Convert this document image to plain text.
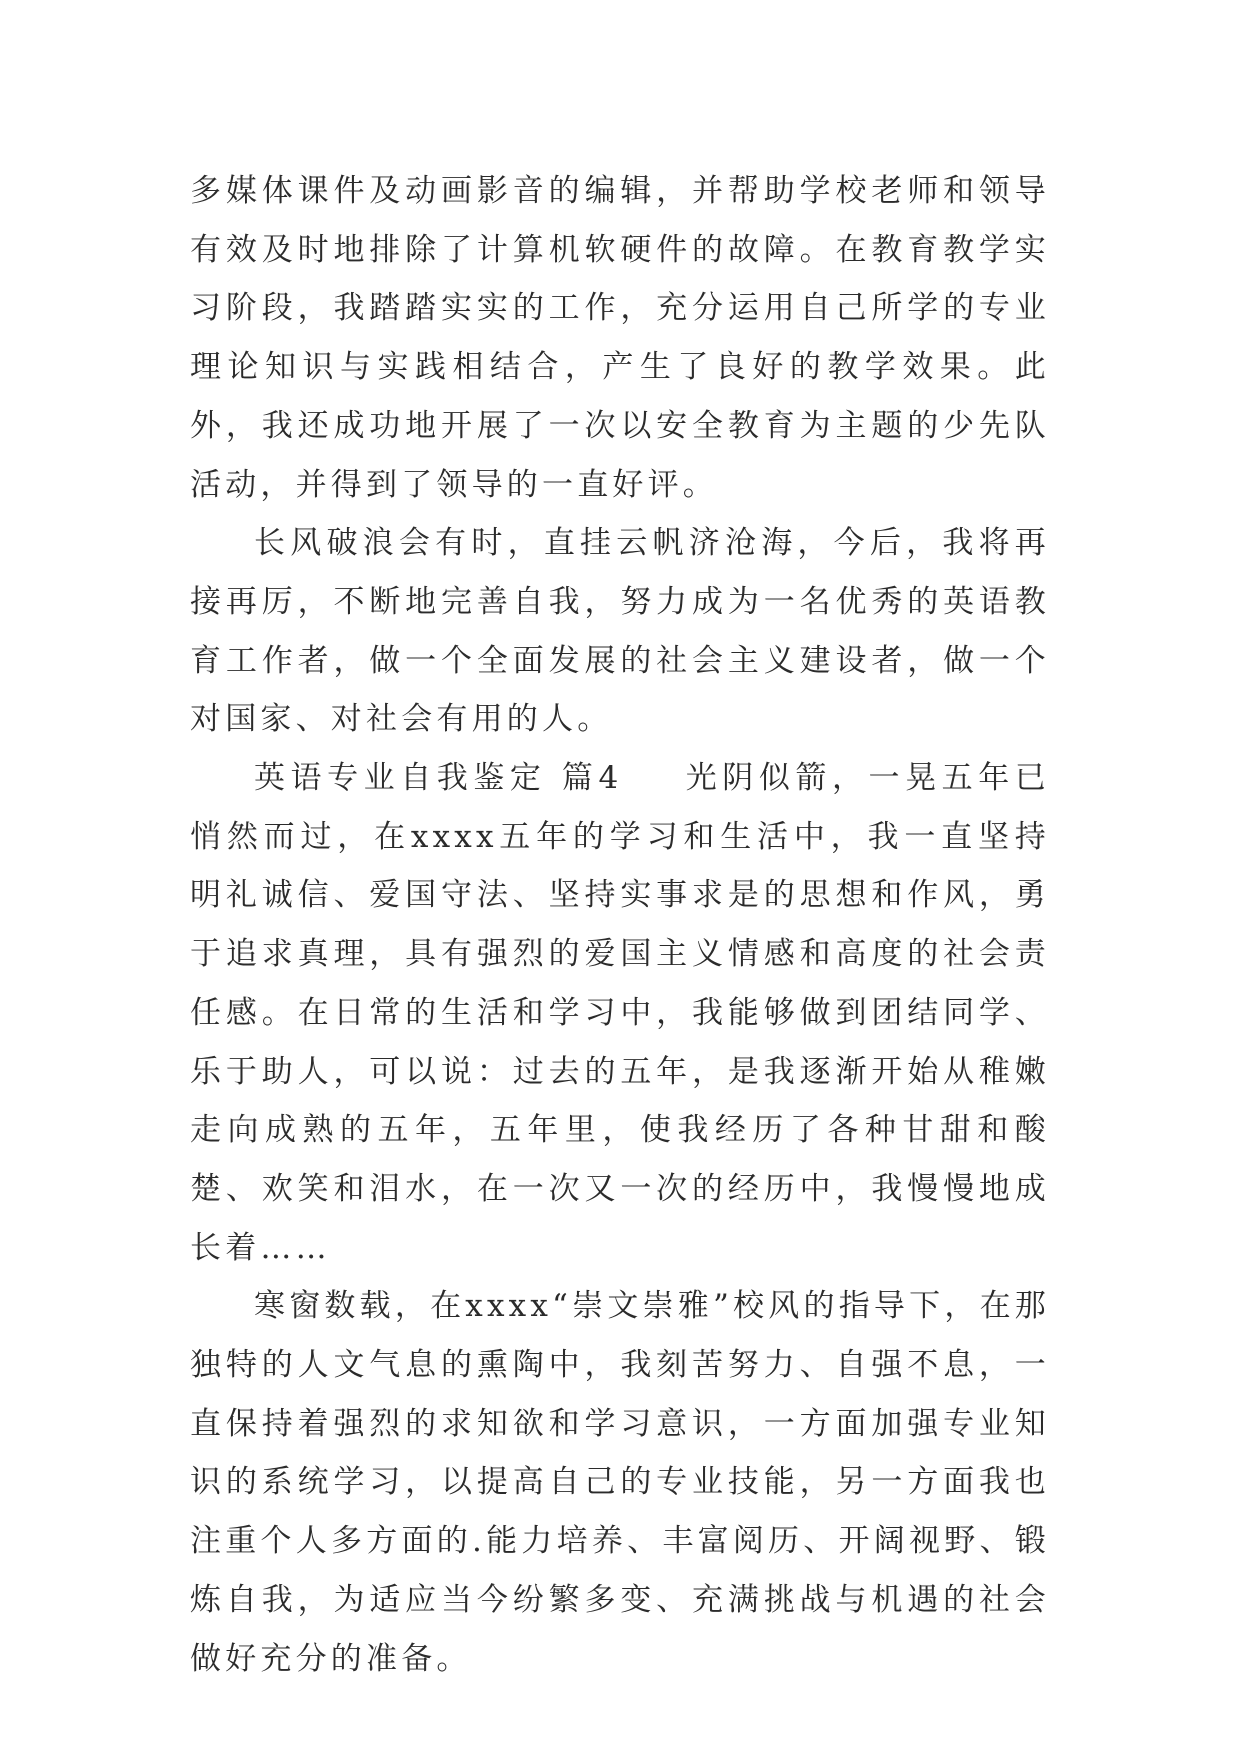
多媒体课件及动画影音的编辑，并帮助学校老师和领导有效及时地排除了计算机软硬件的故障。在教育教学实习阶段，我踏踏实实的工作，充分运用自己所学的专业理论知识与实践相结合，产生了良好的教学效果。此外，我还成功地开展了一次以安全教育为主题的少先队活动，并得到了领导的一直好评。

长风破浪会有时，直挂云帆济沧海，今后，我将再接再厉，不断地完善自我，努力成为一名优秀的英语教育工作者，做一个全面发展的社会主义建设者，做一个对国家、对社会有用的人。

英语专业自我鉴定 篇4 光阴似箭，一晃五年已悄然而过，在xxxx五年的学习和生活中，我一直坚持明礼诚信、爱国守法、坚持实事求是的思想和作风，勇于追求真理，具有强烈的爱国主义情感和高度的社会责任感。在日常的生活和学习中，我能够做到团结同学、乐于助人，可以说：过去的五年，是我逐渐开始从稚嫩走向成熟的五年，五年里，使我经历了各种甘甜和酸楚、欢笑和泪水，在一次又一次的经历中，我慢慢地成长着……

寒窗数载，在xxxx“崇文崇雅”校风的指导下，在那独特的人文气息的熏陶中，我刻苦努力、自强不息，一直保持着强烈的求知欲和学习意识，一方面加强专业知识的系统学习，以提高自己的专业技能，另一方面我也注重个人多方面的.能力培养、丰富阅历、开阔视野、锻炼自我，为适应当今纷繁多变、充满挑战与机遇的社会做好充分的准备。
